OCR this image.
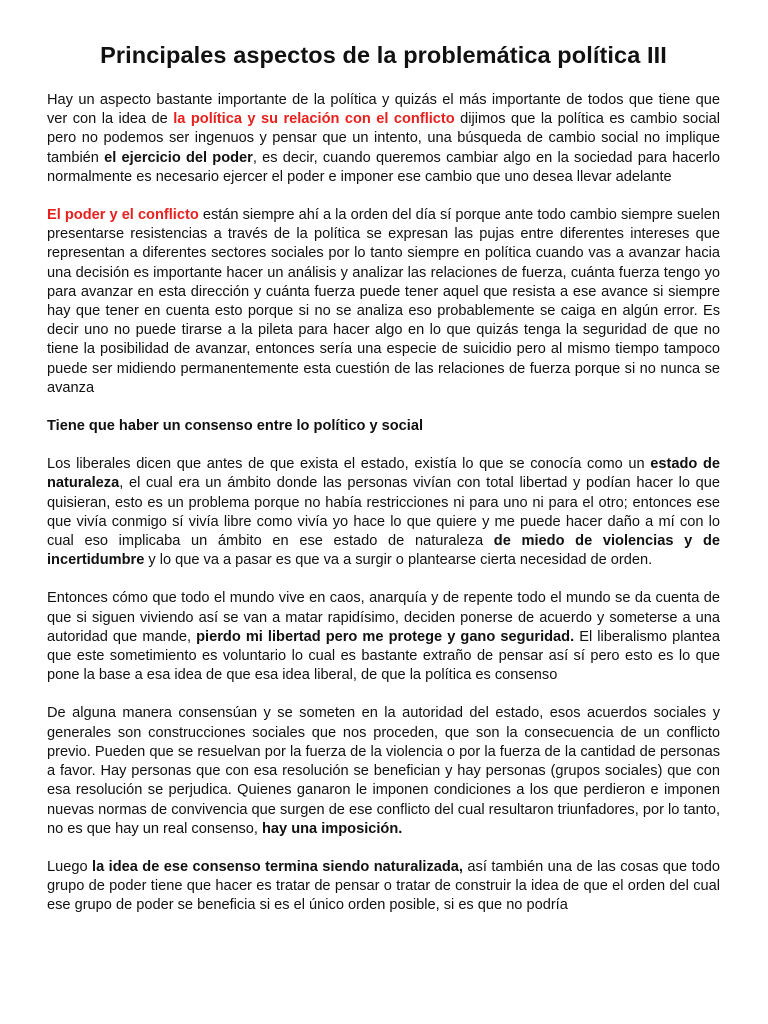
Principales aspectos de la problemática política III

Hay un aspecto bastante importante de la política y quizás el más importante de todos que tiene que ver con la idea de la política y su relación con el conflicto dijimos que la política es cambio social pero no podemos ser ingenuos y pensar que un intento, una búsqueda de cambio social no implique también el ejercicio del poder, es decir, cuando queremos cambiar algo en la sociedad para hacerlo normalmente es necesario ejercer el poder e imponer ese cambio que uno desea llevar adelante

El poder y el conflicto están siempre ahí a la orden del día sí porque ante todo cambio siempre suelen presentarse resistencias a través de la política se expresan las pujas entre diferentes intereses que representan a diferentes sectores sociales por lo tanto siempre en política cuando vas a avanzar hacia una decisión es importante hacer un análisis y analizar las relaciones de fuerza, cuánta fuerza tengo yo para avanzar en esta dirección y cuánta fuerza puede tener aquel que resista a ese avance si siempre hay que tener en cuenta esto porque si no se analiza eso probablemente se caiga en algún error. Es decir uno no puede tirarse a la pileta para hacer algo en lo que quizás tenga la seguridad de que no tiene la posibilidad de avanzar, entonces sería una especie de suicidio pero al mismo tiempo tampoco puede ser midiendo permanentemente esta cuestión de las relaciones de fuerza porque si no nunca se avanza

Tiene que haber un consenso entre lo político y social

Los liberales dicen que antes de que exista el estado, existía lo que se conocía como un estado de naturaleza, el cual era un ámbito donde las personas vivían con total libertad y podían hacer lo que quisieran, esto es un problema porque no había restricciones ni para uno ni para el otro; entonces ese que vivía conmigo sí vivía libre como vivía yo hace lo que quiere y me puede hacer daño a mí con lo cual eso implicaba un ámbito en ese estado de naturaleza de miedo de violencias y de incertidumbre y lo que va a pasar es que va a surgir o plantearse cierta necesidad de orden.

Entonces cómo que todo el mundo vive en caos, anarquía y de repente todo el mundo se da cuenta de que si siguen viviendo así se van a matar rapidísimo, deciden ponerse de acuerdo y someterse a una autoridad que mande, pierdo mi libertad pero me protege y gano seguridad. El liberalismo plantea que este sometimiento es voluntario lo cual es bastante extraño de pensar así sí pero esto es lo que pone la base a esa idea de que esa idea liberal, de que la política es consenso

De alguna manera consensúan y se someten en la autoridad del estado, esos acuerdos sociales y generales son construcciones sociales que nos proceden, que son la consecuencia de un conflicto previo. Pueden que se resuelvan por la fuerza de la violencia o por la fuerza de la cantidad de personas a favor. Hay personas que con esa resolución se benefician y hay personas (grupos sociales) que con esa resolución se perjudica. Quienes ganaron le imponen condiciones a los que perdieron e imponen nuevas normas de convivencia que surgen de ese conflicto del cual resultaron triunfadores, por lo tanto, no es que hay un real consenso, hay una imposición.

Luego la idea de ese consenso termina siendo naturalizada, así también una de las cosas que todo grupo de poder tiene que hacer es tratar de pensar o tratar de construir la idea de que el orden del cual ese grupo de poder se beneficia si es el único orden posible, si es que no podría
